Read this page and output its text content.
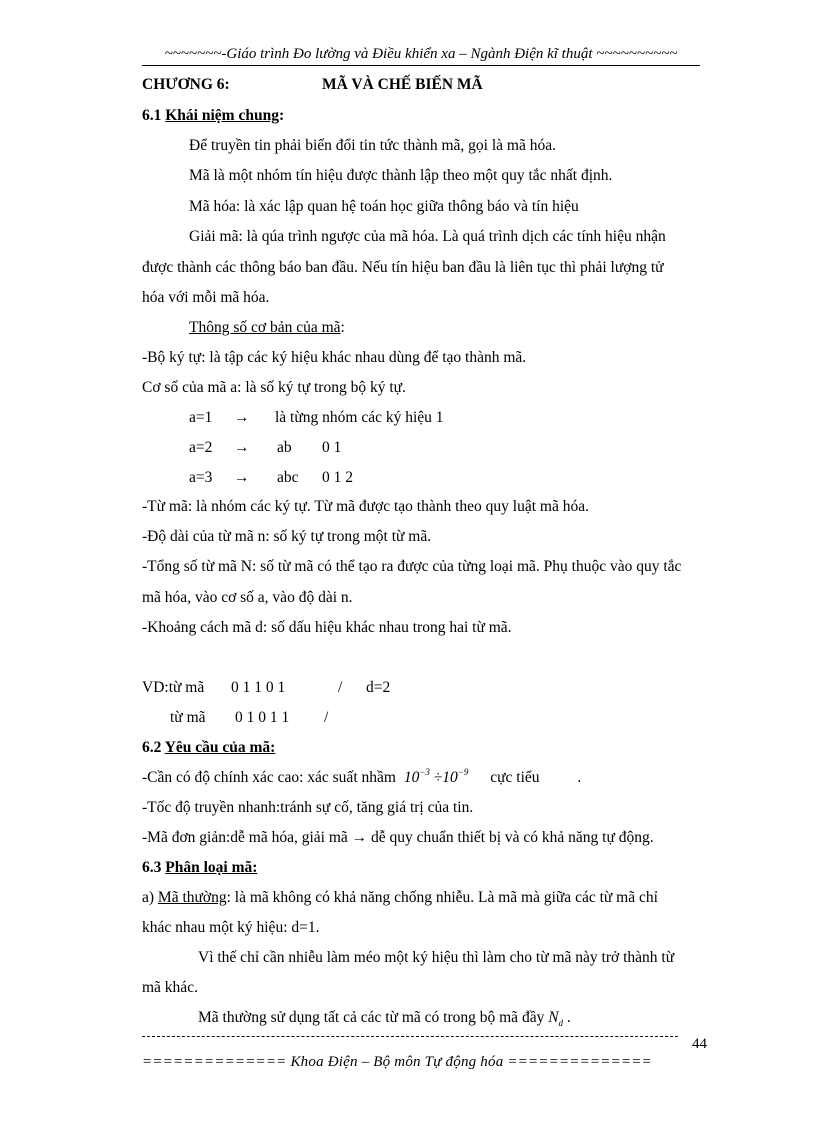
~~~~~~~-Giáo trình Đo lường và Điều khiển xa – Ngành Điện kĩ thuật ~~~~~~~~~~
CHƯƠNG 6:	MÃ VÀ CHẾ BIẾN MÃ
6.1 Khái niệm chung:
Để truyền tin phải biến đổi tin tức thành mã, gọi là mã hóa.
Mã là một nhóm tín hiệu được thành lập theo một quy tắc nhất định.
Mã hóa: là xác lập quan hệ toán học giữa thông báo và tín hiệu
Giải mã: là qúa trình ngược của mã hóa. Là quá trình dịch các tính hiệu nhận
được thành các thông báo ban đầu. Nếu tín hiệu ban đầu là liên tục thì phải lượng tử
hóa với mỗi mã hóa.
Thông số cơ bản của mã:
-Bộ ký tự: là tập các ký hiệu khác nhau dùng để tạo thành mã.
Cơ số của mã a: là số ký tự trong bộ ký tự.
a=1 → là từng nhóm các ký hiệu 1
a=2 → ab 0 1
a=3 → abc 0 1 2
-Từ mã: là nhóm các ký tự. Từ mã được tạo thành theo quy luật mã hóa.
-Độ dài của từ mã n: số ký tự trong một từ mã.
-Tổng số từ mã N: số từ mã có thể tạo ra được của từng loại mã. Phụ thuộc vào quy tắc
mã hóa, vào cơ số a, vào độ dài n.
-Khoảng cách mã d: số dấu hiệu khác nhau trong hai từ mã.
VD:từ mã 0 1 1 0 1	/ d=2
từ mã 0 1 0 1 1 /
6.2 Yêu cầu của mã:
-Cần có độ chính xác cao: xác suất nhầm $10^{-3} \div 10^{-9}$ cực tiểu .
-Tốc độ truyền nhanh:tránh sự cố, tăng giá trị của tin.
-Mã đơn giản:dễ mã hóa, giải mã → dễ quy chuẩn thiết bị và có khả năng tự động.
6.3 Phân loại mã:
a) Mã thường: là mã không có khả năng chống nhiễu. Là mã mà giữa các từ mã chỉ
khác nhau một ký hiệu: d=1.
Vì thế chỉ cần nhiễu làm méo một ký hiệu thì làm cho từ mã này trở thành từ
mã khác.
Mã thường sử dụng tất cả các từ mã có trong bộ mã đầy $N_d$ .
44
============== Khoa Điện – Bộ môn Tự động hóa ==============
